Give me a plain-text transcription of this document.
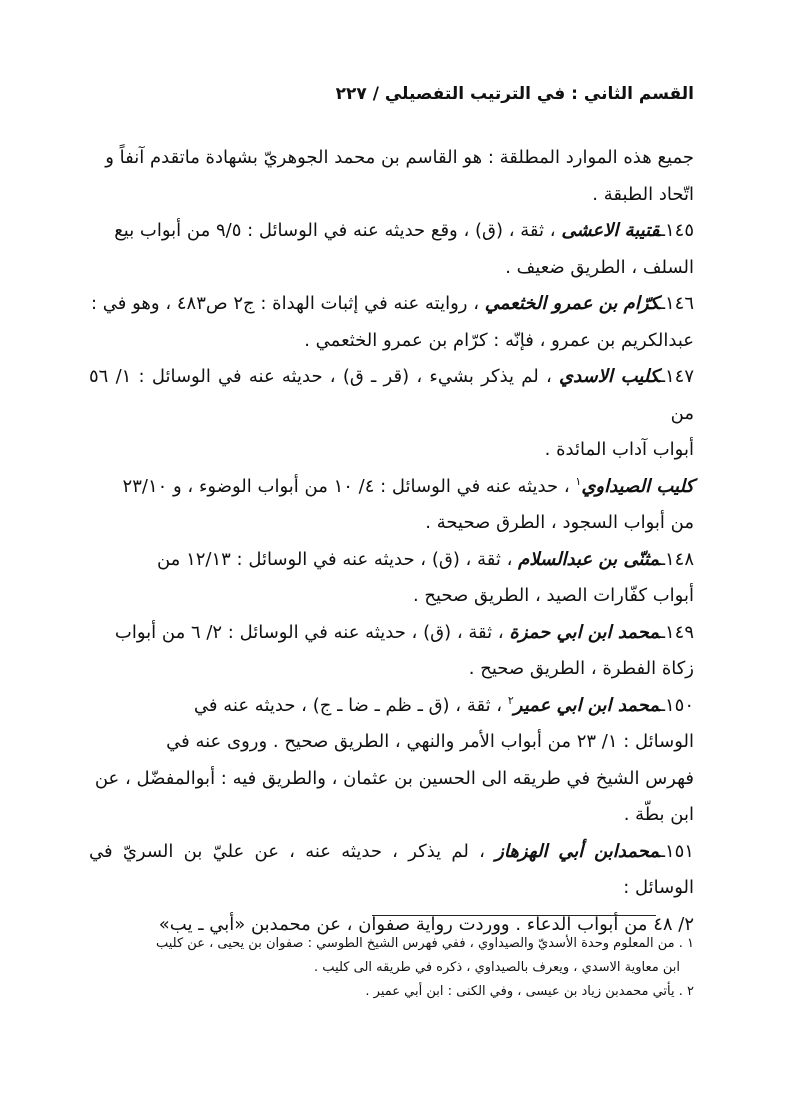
القسم الثاني : في الترتيب التفصيلي / ٢٢٧

جميع هذه الموارد المطلقة : هو القاسم بن محمد الجوهريّ بشهادة ماتقدم آنفاً و
اتّحاد الطبقة .

١٤٥ـقتيبة الاعشى ، ثقة ، (ق) ، وقع حديثه عنه في الوسائل : ٩/٥ من أبواب بيع
السلف ، الطريق ضعيف .

١٤٦ـكرّام بن عمرو الخثعمي ، روايته عنه في إثبات الهداة : ج٢ ص٤٨٣ ، وهو في :
عبدالكريم بن عمرو ، فإنّه : كرّام بن عمرو الخثعمي .

١٤٧ـكليب الاسدي ، لم يذكر بشيء ، (قر ـ ق) ، حديثه عنه في الوسائل : ١/ ٥٦ من
أبواب آداب المائدة .

كليب الصيداوي$^١$ ، حديثه عنه في الوسائل : ٤/ ١٠ من أبواب الوضوء ، و ٢٣/١٠
من أبواب السجود ، الطرق صحيحة .

١٤٨ـمثنّى بن عبدالسلام ، ثقة ، (ق) ، حديثه عنه في الوسائل : ١٢/١٣ من
أبواب كفّارات الصيد ، الطريق صحيح .

١٤٩ـمحمد ابن ابي حمزة ، ثقة ، (ق) ، حديثه عنه في الوسائل : ٢/ ٦ من أبواب
زكاة الفطرة ، الطريق صحيح .

١٥٠ـمحمد ابن ابي عمير$^٢$ ، ثقة ، (ق ـ ظم ـ ضا ـ ج) ، حديثه عنه في
الوسائل : ١/ ٢٣ من أبواب الأمر والنهي ، الطريق صحيح . وروى عنه في
فهرس الشيخ في طريقه الى الحسين بن عثمان ، والطريق فيه : أبوالمفضّل ، عن
ابن بطّة .

١٥١ـمحمدابن أبي الهزهاز ، لم يذكر ، حديثه عنه ، عن عليّ بن السريّ في الوسائل :
٢/ ٤٨ من أبواب الدعاء . ووردت رواية صفوان ، عن محمدبن «أبي ـ يب»

١ . من المعلوم وحدة الأسديّ والصيداوي ، ففي فهرس الشيخ الطوسي : صفوان بن يحيى ، عن كليب

ابن معاوية الاسدي ، ويعرف بالصيداوي ، ذكره في طريقه الى كليب .

٢ . يأتي محمدبن زياد بن عيسى ، وفي الكنى : ابن أبي عمير .
